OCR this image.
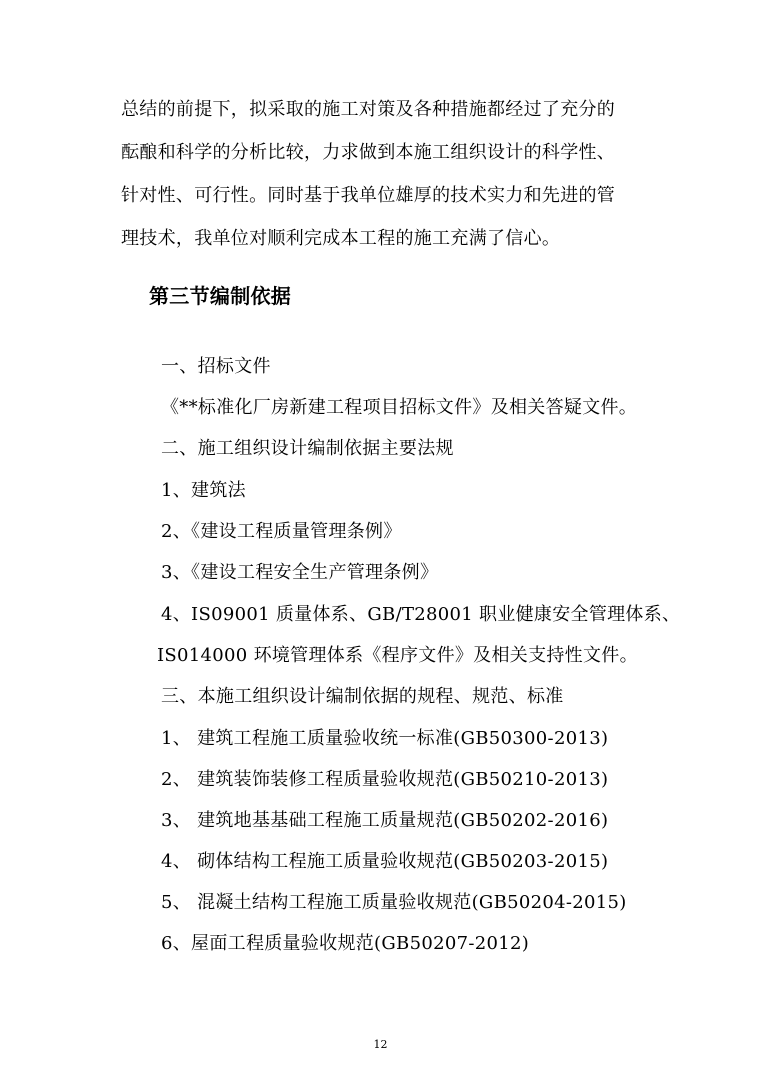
总结的前提下，拟采取的施工对策及各种措施都经过了充分的
酝酿和科学的分析比较，力求做到本施工组织设计的科学性、
针对性、可行性。同时基于我单位雄厚的技术实力和先进的管
理技术，我单位对顺利完成本工程的施工充满了信心。
第三节编制依据
一、招标文件
《**标准化厂房新建工程项目招标文件》及相关答疑文件。
二、施工组织设计编制依据主要法规
1、建筑法
2、《建设工程质量管理条例》
3、《建设工程安全生产管理条例》
4、IS09001 质量体系、GB/T28001 职业健康安全管理体系、
IS014000 环境管理体系《程序文件》及相关支持性文件。
三、本施工组织设计编制依据的规程、规范、标准
1、 建筑工程施工质量验收统一标准(GB50300-2013)
2、 建筑装饰装修工程质量验收规范(GB50210-2013)
3、 建筑地基基础工程施工质量规范(GB50202-2016)
4、 砌体结构工程施工质量验收规范(GB50203-2015)
5、 混凝土结构工程施工质量验收规范(GB50204-2015)
6、屋面工程质量验收规范(GB50207-2012)
12
